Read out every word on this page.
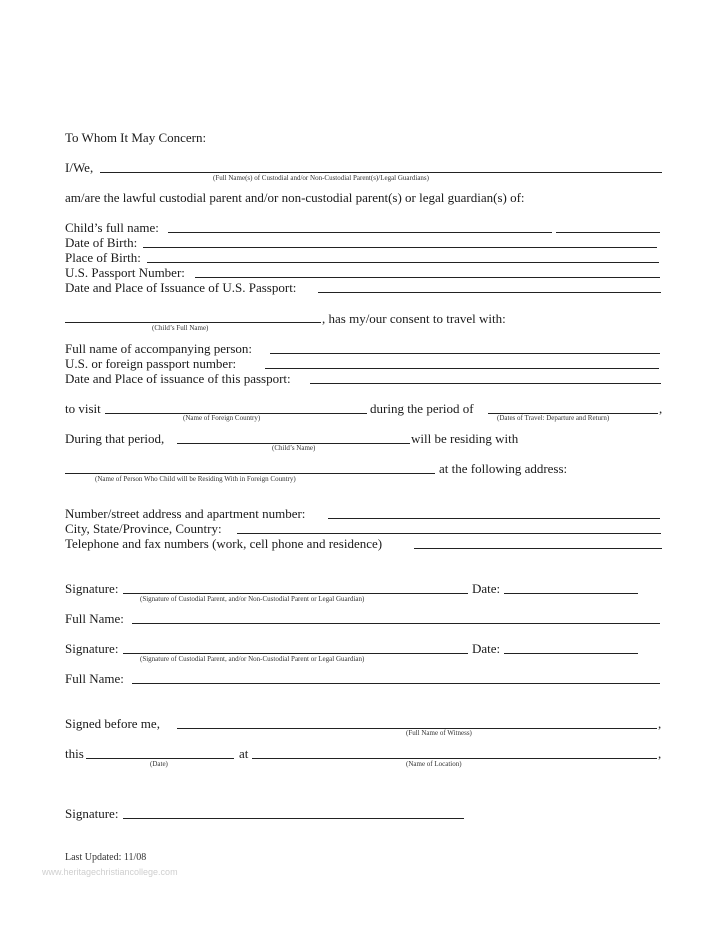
To Whom It May Concern:
I/We,
(Full Name(s) of Custodial and/or Non-Custodial Parent(s)/Legal Guardians)
am/are the lawful custodial parent and/or non-custodial parent(s) or legal guardian(s) of:
Child’s full name:
Date of Birth:
Place of Birth:
U.S. Passport Number:
Date and Place of Issuance of U.S. Passport:
, has my/our consent to travel with:
(Child’s Full Name)
Full name of accompanying person:
U.S. or foreign passport number:
Date and Place of issuance of this passport:
to visit
(Name of Foreign Country)
during the period of	,
(Dates of Travel: Departure and Return)
During that period,
(Child’s Name)
will be residing with
(Name of Person Who Child will be Residing With in Foreign Country)
at the following address:
Number/street address and apartment number:
City, State/Province, Country:
Telephone and fax numbers (work, cell phone and residence)
Signature:
(Signature of Custodial Parent, and/or Non-Custodial Parent or Legal Guardian)
Date:
Full Name:
Signature:
(Signature of Custodial Parent, and/or Non-Custodial Parent or Legal Guardian)
Date:
Full Name:
Signed before me,	,
(Full Name of Witness)
this
(Date)
at	,
(Name of Location)
Signature:
Last Updated: 11/08
www.heritagechristiancollege.com
